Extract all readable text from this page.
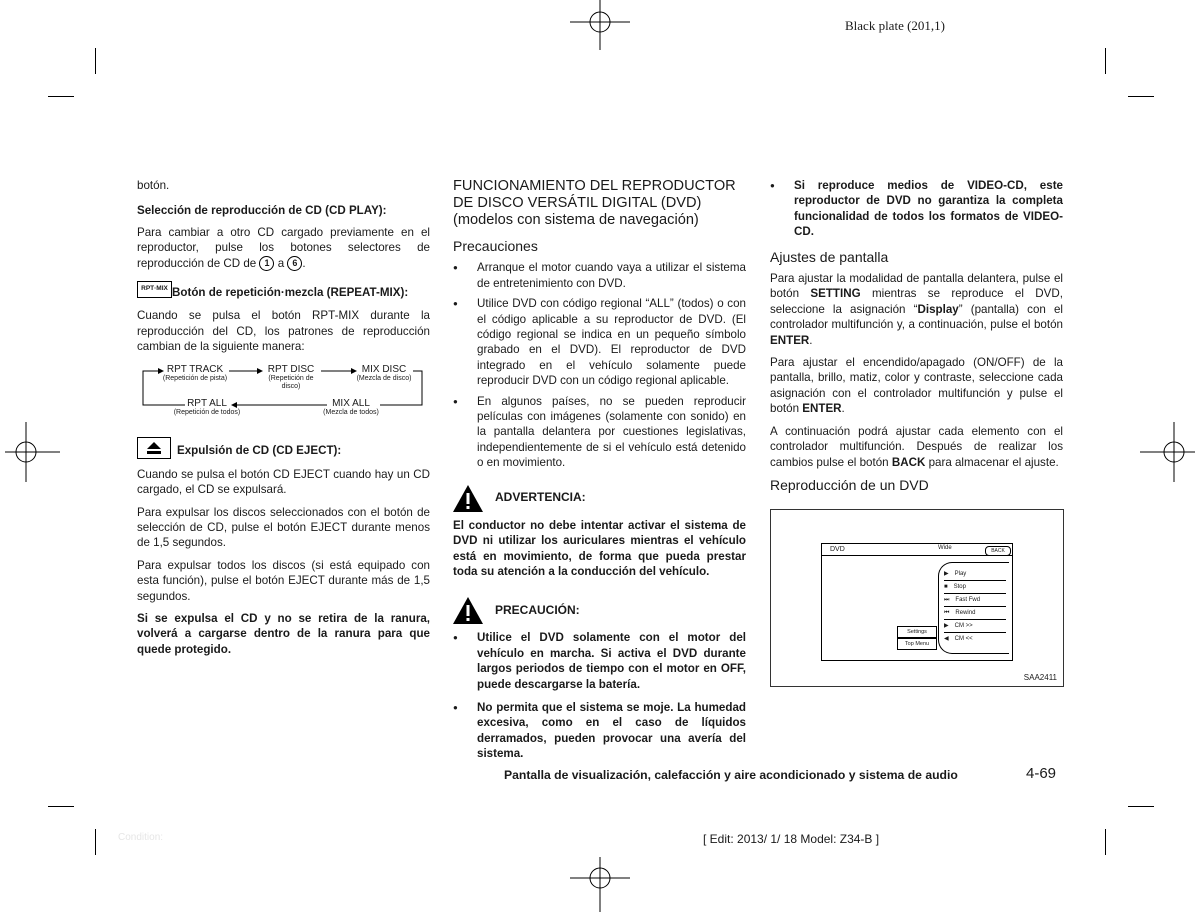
Black plate (201,1)

botón.

Selección de reproducción de CD (CD PLAY):

Para cambiar a otro CD cargado previamente en el reproductor, pulse los botones selectores de reproducción de CD de 1 a 6 .

RPT·MIX Botón de repetición·mezcla (REPEAT-MIX):

Cuando se pulsa el botón RPT-MIX durante la reproducción del CD, los patrones de reproducción cambian de la siguiente manera:

RPT TRACK
(Repetición de pista)
RPT DISC
(Repetición de disco)
MIX DISC
(Mezcla de disco)
RPT ALL
(Repetición de todos)
MIX ALL
(Mezcla de todos)
Expulsión de CD (CD EJECT):

Cuando se pulsa el botón CD EJECT cuando hay un CD cargado, el CD se expulsará.

Para expulsar los discos seleccionados con el botón de selección de CD, pulse el botón EJECT durante menos de 1,5 segundos.

Para expulsar todos los discos (si está equipado con esta función), pulse el botón EJECT durante más de 1,5 segundos.

Si se expulsa el CD y no se retira de la ranura, volverá a cargarse dentro de la ranura para que quede protegido.

FUNCIONAMIENTO DEL REPRODUCTOR DE DISCO VERSÁTIL DIGITAL (DVD) (modelos con sistema de navegación)
Precauciones
● Arranque el motor cuando vaya a utilizar el sistema de entretenimiento con DVD.
● Utilice DVD con código regional “ALL” (todos) o con el código aplicable a su reproductor de DVD. (El código regional se indica en un pequeño símbolo grabado en el DVD). El reproductor de DVD integrado en el vehículo solamente puede reproducir DVD con un código regional aplicable.
● En algunos países, no se pueden reproducir películas con imágenes (solamente con sonido) en la pantalla delantera por cuestiones legislativas, independientemente de si el vehículo está detenido o en movimiento.
ADVERTENCIA:

El conductor no debe intentar activar el sistema de DVD ni utilizar los auriculares mientras el vehículo está en movimiento, de forma que pueda prestar toda su atención a la conducción del vehículo.

PRECAUCIÓN:
● Utilice el DVD solamente con el motor del vehículo en marcha. Si activa el DVD durante largos periodos de tiempo con el motor en OFF, puede descargarse la batería.
● No permita que el sistema se moje. La humedad excesiva, como en el caso de líquidos derramados, pueden provocar una avería del sistema.
● Si reproduce medios de VIDEO-CD, este reproductor de DVD no garantiza la completa funcionalidad de todos los formatos de VIDEO-CD.
Ajustes de pantalla

Para ajustar la modalidad de pantalla delantera, pulse el botón SETTING mientras se reproduce el DVD, seleccione la asignación “Display” (pantalla) con el controlador multifunción y, a continuación, pulse el botón ENTER.

Para ajustar el encendido/apagado (ON/OFF) de la pantalla, brillo, matiz, color y contraste, seleccione cada asignación con el controlador multifunción y pulse el botón ENTER.

A continuación podrá ajustar cada elemento con el controlador multifunción. Después de realizar los cambios pulse el botón BACK para almacenar el ajuste.

Reproducción de un DVD
DVD	Wide	BACK
▶ Play
■ Stop
⏭ Fast Fwd
⏮ Rewind
▶ CM >>
◀ CM <<
Settings
Top Menu
SAA2411
Pantalla de visualización, calefacción y aire acondicionado y sistema de audio	4-69
Condition:	[ Edit: 2013/ 1/ 18 Model: Z34-B ]
